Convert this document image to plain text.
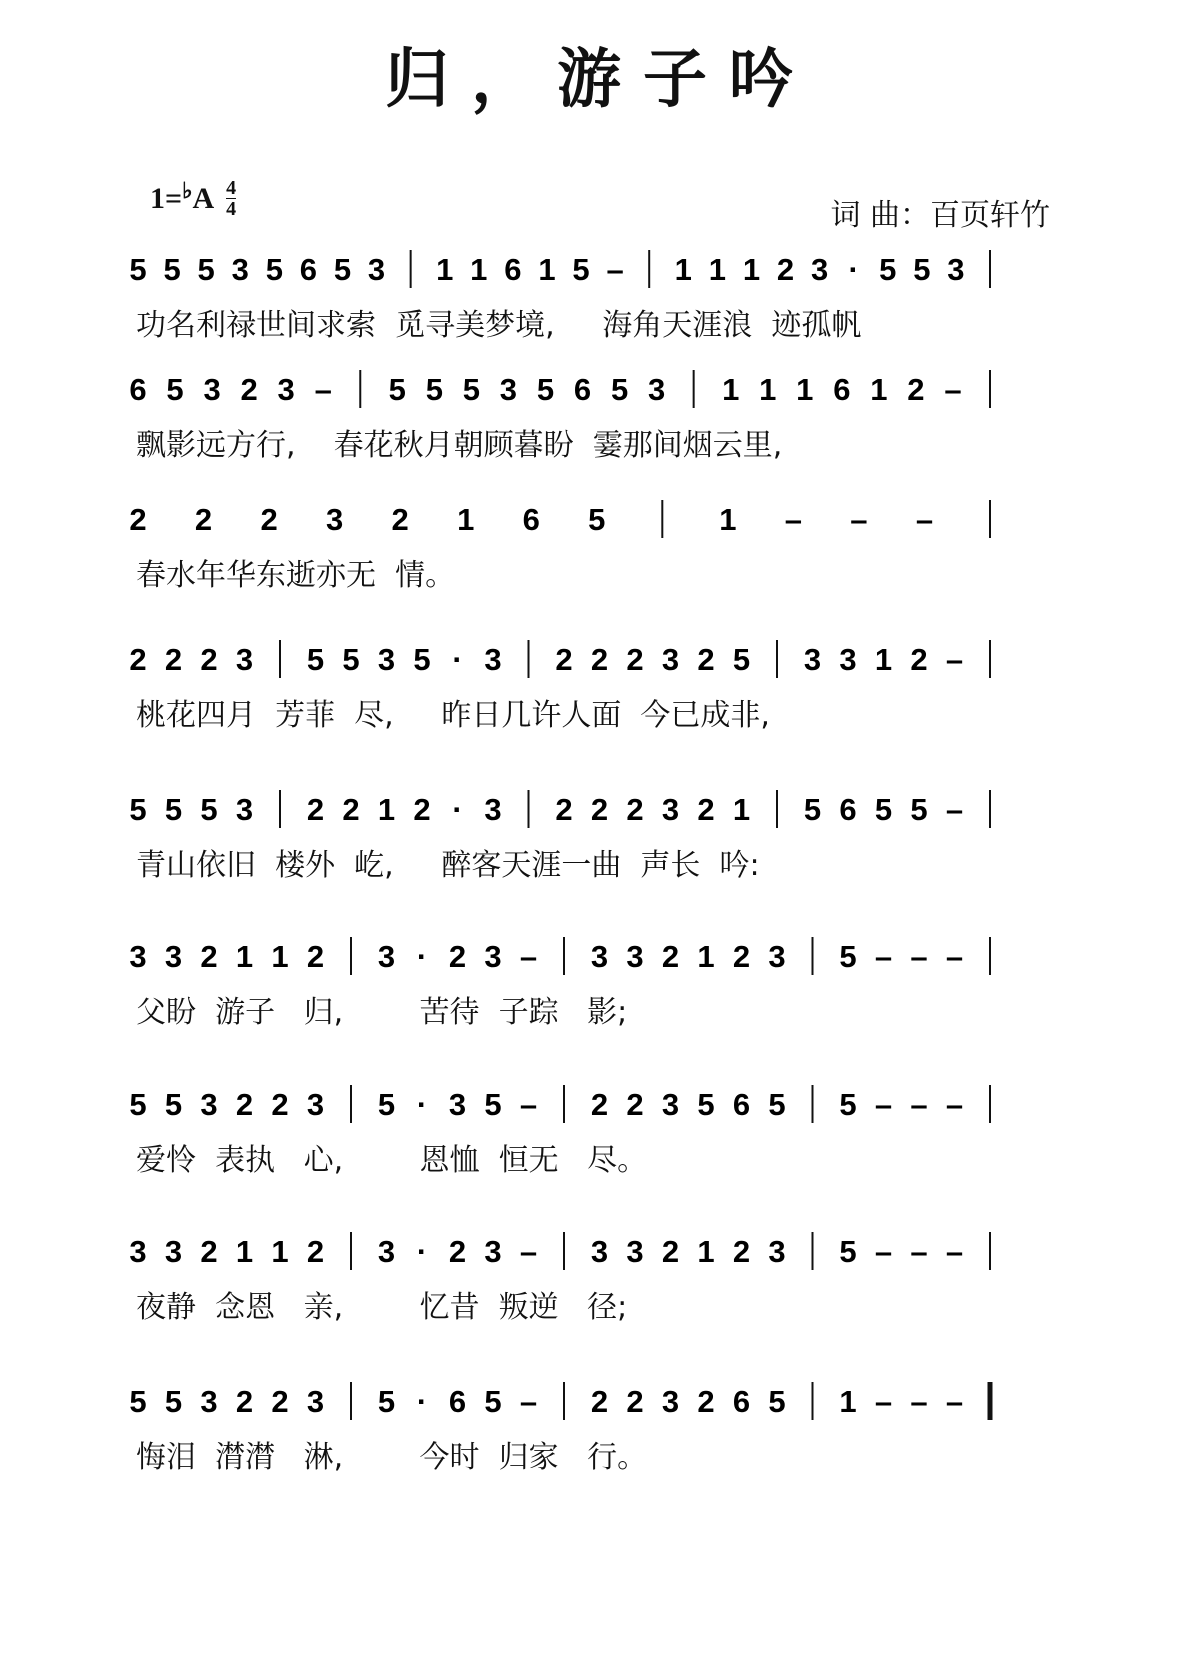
归，游子吟
1= ♭ A 4
4	词 曲：百页轩竹
5 5 5 3 5 6 5 3 1 1 6 1 5 – 1 1 1 2 3 · 5 5 3
6 5 3 2 3 – 5 5 5 3 5 6 5 3 1 1 1 6 1 2 –
2 2 2 3 2 1 6 5	1 – – –
2 2 2 3 5 5 3 5 · 3 2 2 2 3 2 5 3 3 1 2 –
5 5 5 3 2 2 1 2 · 3 2 2 2 3 2 1 5 6 5 5 –
3 3 2 1 1 2 3 · 2 3 – 3 3 2 1 2 3 5 – – –
5 5 3 2 2 3 5 · 3 5 – 2 2 3 5 6 5 5 – – –
3 3 2 1 1 2 3 · 2 3 – 3 3 2 1 2 3 5 – – –
5 5 3 2 2 3 5 · 6 5 – 2 2 3 2 6 5 1 – – –
功名利禄世间求索  觅寻美梦境,     海角天涯浪  迹孤帆
飘影远方行,    春花秋月朝顾暮盼  霎那间烟云里,
春水年华东逝亦无  情。
桃花四月  芳菲  尽,     昨日几许人面  今已成非,
青山依旧  楼外  屹,     醉客天涯一曲  声长  吟:
父盼  游子   归,        苦待  子踪   影;
爱怜  表执   心,        恩恤  恒无   尽。
夜静  念恩   亲,        忆昔  叛逆   径;
悔泪  潸潸   淋,        今时  归家   行。
